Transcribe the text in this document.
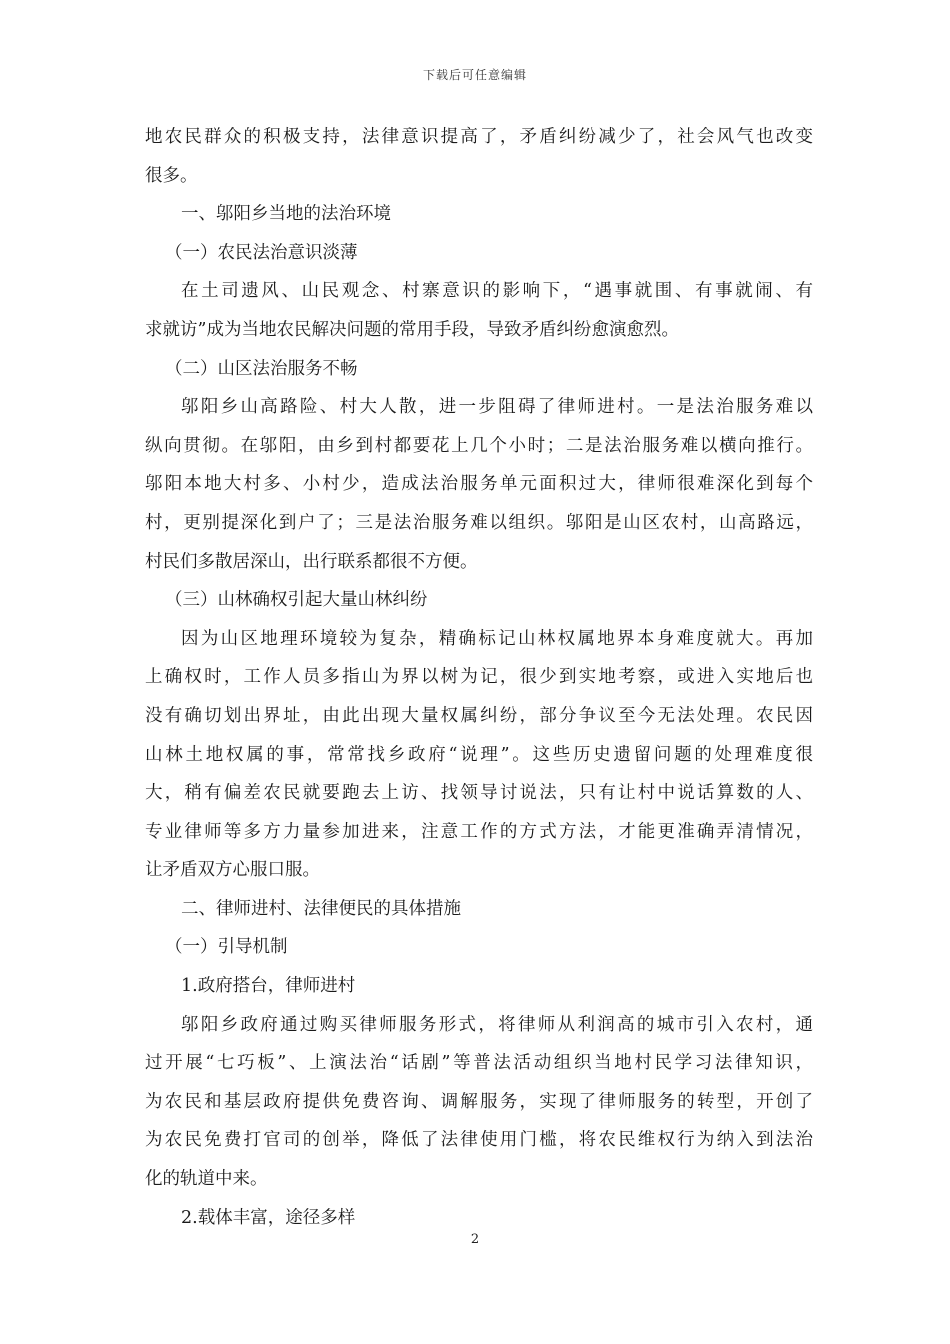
下载后可任意编辑
地农民群众的积极支持，法律意识提高了，矛盾纠纷减少了，社会风气也改变
很多。
一、邬阳乡当地的法治环境
（一）农民法治意识淡薄
在土司遗风、山民观念、村寨意识的影响下，“遇事就围、有事就闹、有
求就访”成为当地农民解决问题的常用手段，导致矛盾纠纷愈演愈烈。
（二）山区法治服务不畅
邬阳乡山高路险、村大人散，进一步阻碍了律师进村。一是法治服务难以
纵向贯彻。在邬阳，由乡到村都要花上几个小时；二是法治服务难以横向推行。
邬阳本地大村多、小村少，造成法治服务单元面积过大，律师很难深化到每个
村，更别提深化到户了；三是法治服务难以组织。邬阳是山区农村，山高路远，
村民们多散居深山，出行联系都很不方便。
（三）山林确权引起大量山林纠纷
因为山区地理环境较为复杂，精确标记山林权属地界本身难度就大。再加
上确权时，工作人员多指山为界以树为记，很少到实地考察，或进入实地后也
没有确切划出界址，由此出现大量权属纠纷，部分争议至今无法处理。农民因
山林土地权属的事，常常找乡政府“说理”。这些历史遗留问题的处理难度很
大，稍有偏差农民就要跑去上访、找领导讨说法，只有让村中说话算数的人、
专业律师等多方力量参加进来，注意工作的方式方法，才能更准确弄清情况，
让矛盾双方心服口服。
二、律师进村、法律便民的具体措施
（一）引导机制
1.政府搭台，律师进村
邬阳乡政府通过购买律师服务形式，将律师从利润高的城市引入农村，通
过开展“七巧板”、上演法治“话剧”等普法活动组织当地村民学习法律知识，
为农民和基层政府提供免费咨询、调解服务，实现了律师服务的转型，开创了
为农民免费打官司的创举，降低了法律使用门槛，将农民维权行为纳入到法治
化的轨道中来。
2.载体丰富，途径多样
2
